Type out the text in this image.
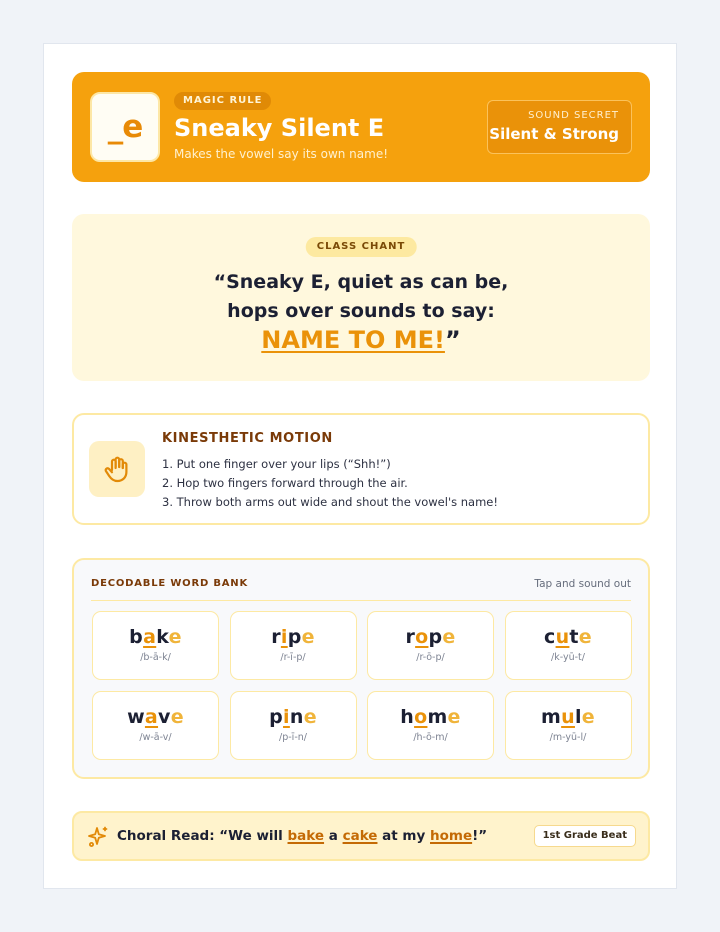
_e
MAGIC RULE
Sneaky Silent E
Makes the vowel say its own name!
SOUND SECRET
Silent & Strong
CLASS CHANT
“Sneaky E, quiet as can be,
hops over sounds to say:
NAME TO ME!”
KINESTHETIC MOTION
1. Put one finger over your lips (“Shh!”)
2. Hop two fingers forward through the air.
3. Throw both arms out wide and shout the vowel's name!
DECODABLE WORD BANK	Tap and sound out
bake
/b-ā-k/
ripe
/r-ī-p/
rope
/r-ō-p/
cute
/k-yū-t/
wave
/w-ā-v/
pine
/p-ī-n/
home
/h-ō-m/
mule
/m-yū-l/
Choral Read: “We will bake a cake at my home!”	1st Grade Beat
